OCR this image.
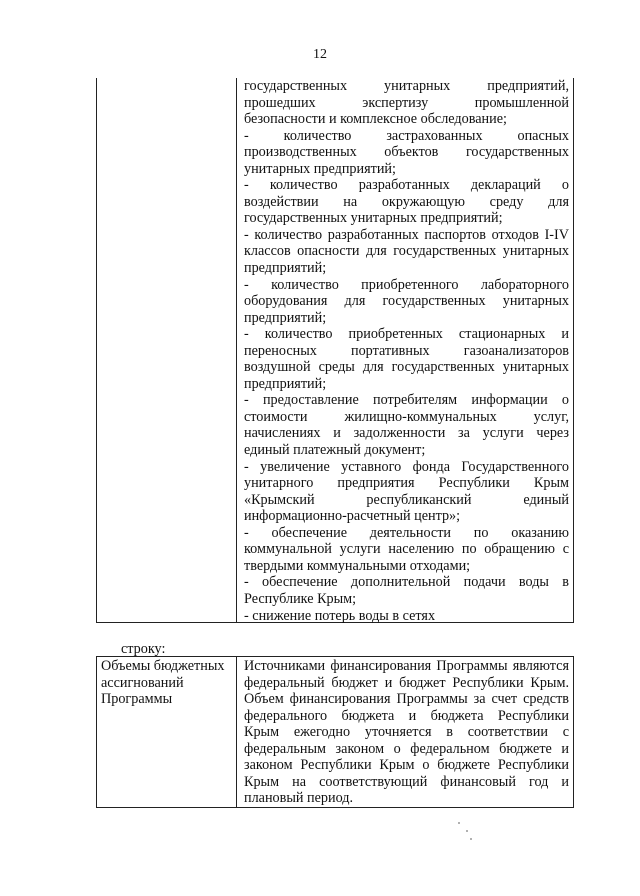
12
государственных унитарных предприятий,
прошедших экспертизу промышленной
безопасности и комплексное обследование;
- количество застрахованных опасных
производственных объектов государственных
унитарных предприятий;
- количество разработанных деклараций о
воздействии на окружающую среду для
государственных унитарных предприятий;
- количество разработанных паспортов отходов I-IV
классов опасности для государственных унитарных
предприятий;
- количество приобретенного лабораторного
оборудования для государственных унитарных
предприятий;
- количество приобретенных стационарных и
переносных портативных газоанализаторов
воздушной среды для государственных унитарных
предприятий;
- предоставление потребителям информации о
стоимости жилищно-коммунальных услуг,
начислениях и задолженности за услуги через
единый платежный документ;
- увеличение уставного фонда Государственного
унитарного предприятия Республики Крым
«Крымский республиканский единый
информационно-расчетный центр»;
- обеспечение деятельности по оказанию
коммунальной услуги населению по обращению с
твердыми коммунальными отходами;
- обеспечение дополнительной подачи воды в
Республике Крым;
- снижение потерь воды в сетях
строку:
Объемы бюджетных
ассигнований
Программы
Источниками финансирования Программы являются
федеральный бюджет и бюджет Республики Крым.
Объем финансирования Программы за счет средств
федерального бюджета и бюджета Республики
Крым ежегодно уточняется в соответствии с
федеральным законом о федеральном бюджете и
законом Республики Крым о бюджете Республики
Крым на соответствующий финансовый год и
плановый период.
